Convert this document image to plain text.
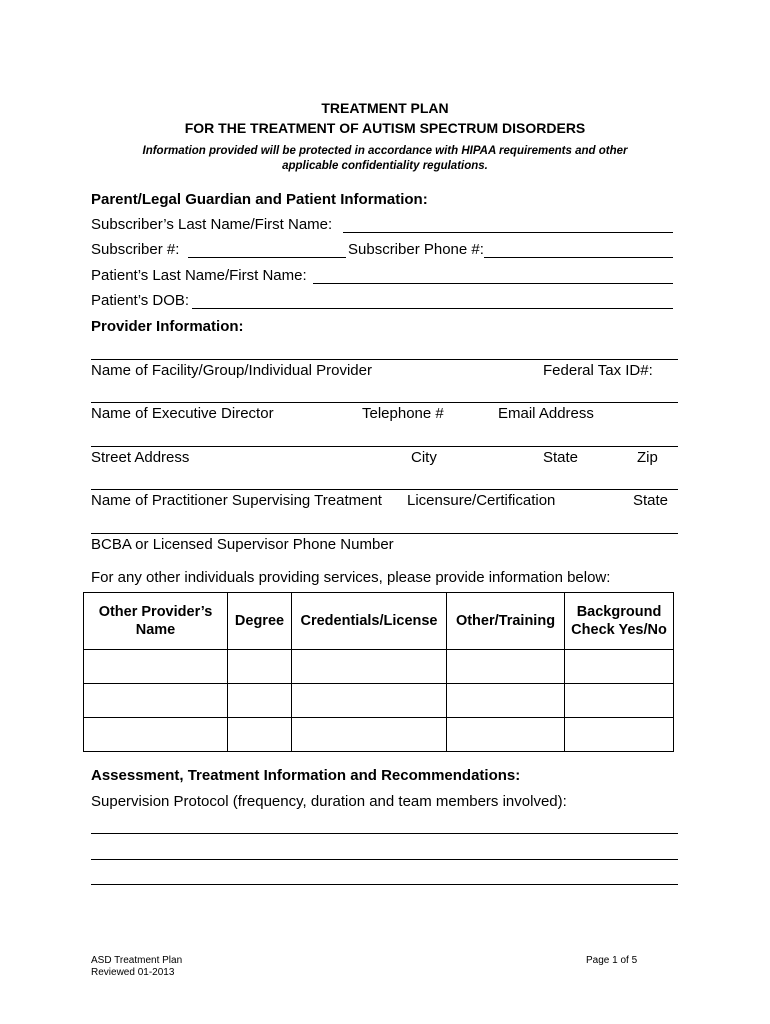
TREATMENT PLAN
FOR THE TREATMENT OF AUTISM SPECTRUM DISORDERS
Information provided will be protected in accordance with HIPAA requirements and other
applicable confidentiality regulations.
Parent/Legal Guardian and Patient Information:
Subscriber’s Last Name/First Name:
Subscriber #:	Subscriber Phone #:
Patient’s Last Name/First Name:
Patient’s DOB:
Provider Information:
Name of Facility/Group/Individual Provider	Federal Tax ID#:
Name of Executive Director	Telephone #	Email Address
Street Address	City	State	Zip
Name of Practitioner Supervising Treatment Licensure/Certification	State
BCBA or Licensed Supervisor Phone Number
For any other individuals providing services, please provide information below:
Other Provider’s Name	Degree	Credentials/License	Other/Training	Background Check Yes/No

Assessment, Treatment Information and Recommendations:
Supervision Protocol (frequency, duration and team members involved):
ASD Treatment Plan
Reviewed 01-2013
Page 1 of 5
